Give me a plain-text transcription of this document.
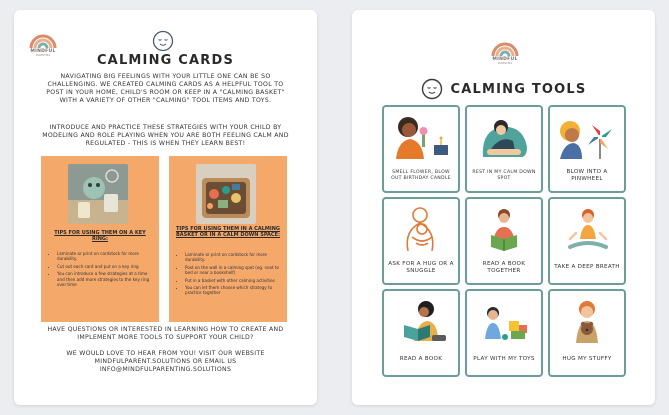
MINDFUL
PARENTING	CALMING CARDS
NAVIGATING BIG FEELINGS WITH YOUR LITTLE ONE CAN BE SO CHALLENGING. WE CREATED CALMING CARDS AS A HELPFUL TOOL TO POST IN YOUR HOME, CHILD'S ROOM OR KEEP IN A "CALMING BASKET" WITH A VARIETY OF OTHER "CALMING" TOOL ITEMS AND TOYS.
INTRODUCE AND PRACTICE THESE STRATEGIES WITH YOUR CHILD BY MODELING AND ROLE PLAYING WHEN YOU ARE BOTH FEELING CALM AND REGULATED - THIS IS WHEN THEY LEARN BEST!
TIPS FOR USING THEM ON A KEY RING:
• Laminate or print on cardstock for more durability.
• Cut out each card and put on a key ring
• You can introduce a few strategies at a time and then add more strategies to the key ring over time
TIPS FOR USING THEM IN A CALMING BASKET OR IN A CALM DOWN SPACE:
• Laminate or print on cardstock for more durability.
• Post on the wall in a calming spot (eg. next to bed or near a bookshelf)
• Put in a basket with other calming activities
• You can let them choose which strategy to practice together
HAVE QUESTIONS OR INTERESTED IN LEARNING HOW TO CREATE AND IMPLEMENT MORE TOOLS TO SUPPORT YOUR CHILD?
WE WOULD LOVE TO HEAR FROM YOU! VISIT OUR WEBSITE MINDFULPARENT.SOLUTIONS OR EMAIL US INFO@MINDFULPARENTING.SOLUTIONS
MINDFUL
PARENTING
CALMING TOOLS
SMELL FLOWER, BLOW OUT BIRTHDAY CANDLE
REST IN MY CALM DOWN SPOT
BLOW INTO A PINWHEEL
ASK FOR A HUG OR A SNUGGLE
READ A BOOK TOGETHER
TAKE A DEEP BREATH
READ A BOOK	PLAY WITH MY TOYS	HUG MY STUFFY
